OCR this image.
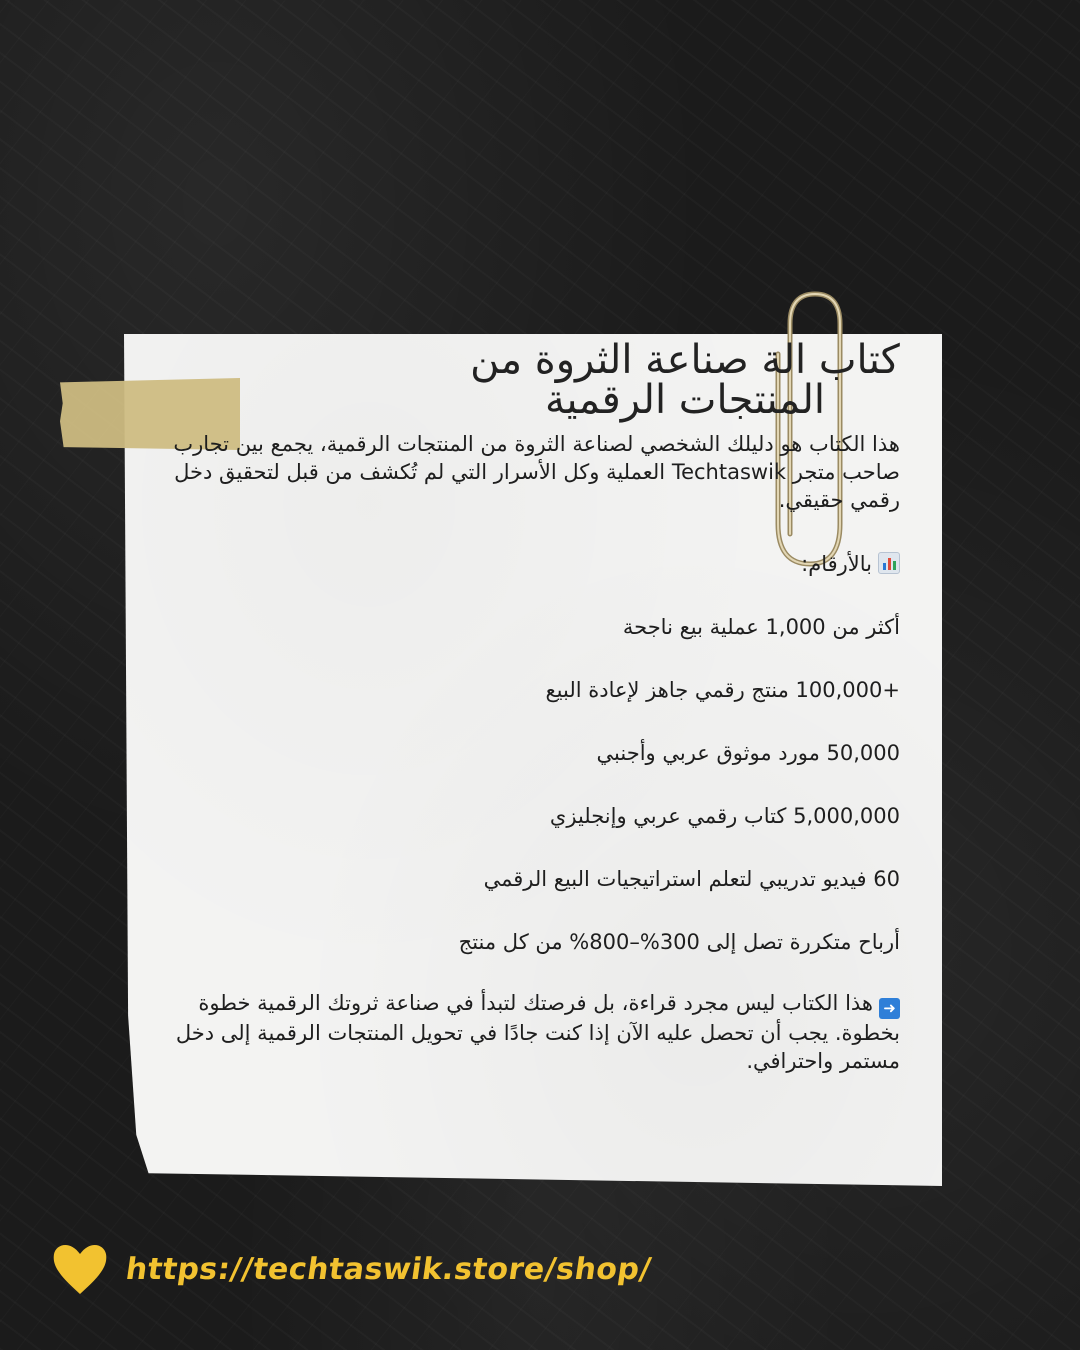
كتاب الة صناعة الثروة من المنتجات الرقمية
هذا الكتاب هو دليلك الشخصي لصناعة الثروة من المنتجات الرقمية، يجمع بين تجارب صاحب متجر Techtaswik العملية وكل الأسرار التي لم تُكشف من قبل لتحقيق دخل رقمي حقيقي.
بالأرقام:
أكثر من 1,000 عملية بيع ناجحة
+100,000 منتج رقمي جاهز لإعادة البيع
50,000 مورد موثوق عربي وأجنبي
5,000,000 كتاب رقمي عربي وإنجليزي
60 فيديو تدريبي لتعلم استراتيجيات البيع الرقمي
أرباح متكررة تصل إلى 300%–800% من كل منتج
➜هذا الكتاب ليس مجرد قراءة، بل فرصتك لتبدأ في صناعة ثروتك الرقمية خطوة بخطوة. يجب أن تحصل عليه الآن إذا كنت جادًا في تحويل المنتجات الرقمية إلى دخل مستمر واحترافي.
https://techtaswik.store/shop/
